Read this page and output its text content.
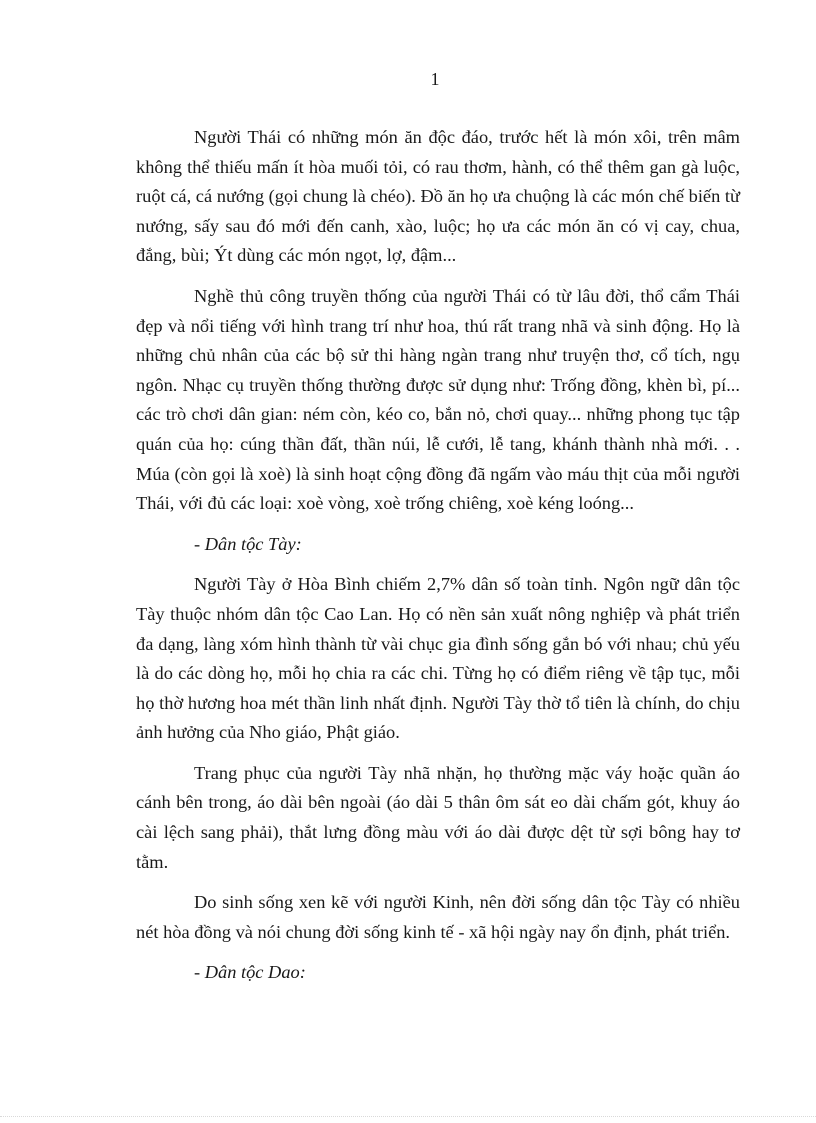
1

Người Thái có những món ăn độc đáo, trước hết là món xôi, trên mâm không thể thiếu mấn ít hòa muối tỏi, có rau thơm, hành, có thể thêm gan gà luộc, ruột cá, cá nướng (gọi chung là chéo). Đồ ăn họ ưa chuộng là các món chế biến từ nướng, sấy sau đó mới đến canh, xào, luộc; họ ưa các món ăn có vị cay, chua, đắng, bùi; Ýt dùng các món ngọt, lợ, đậm...

Nghề thủ công truyền thống của người Thái có từ lâu đời, thổ cẩm Thái đẹp và nổi tiếng với hình trang trí như hoa, thú rất trang nhã và sinh động. Họ là những chủ nhân của các bộ sử thi hàng ngàn trang như truyện thơ, cổ tích, ngụ ngôn. Nhạc cụ truyền thống thường được sử dụng như: Trống đồng, khèn bì, pí... các trò chơi dân gian: ném còn, kéo co, bắn nỏ, chơi quay... những phong tục tập quán của họ: cúng thần đất, thần núi, lễ cưới, lễ tang, khánh thành nhà mới. . . Múa (còn gọi là xoè) là sinh hoạt cộng đồng đã ngấm vào máu thịt của mỗi người Thái, với đủ các loại: xoè vòng, xoè trống chiêng, xoè kéng loóng...

- Dân tộc Tày:

Người Tày ở Hòa Bình chiếm 2,7% dân số toàn tỉnh. Ngôn ngữ dân tộc Tày thuộc nhóm dân tộc Cao Lan. Họ có nền sản xuất nông nghiệp và phát triển đa dạng, làng xóm hình thành từ vài chục gia đình sống gắn bó với nhau; chủ yếu là do các dòng họ, mỗi họ chia ra các chi. Từng họ có điểm riêng về tập tục, mỗi họ thờ hương hoa mét thần linh nhất định. Người Tày thờ tổ tiên là chính, do chịu ảnh hưởng của Nho giáo, Phật giáo.

Trang phục của người Tày nhã nhặn, họ thường mặc váy hoặc quần áo cánh bên trong, áo dài bên ngoài (áo dài 5 thân ôm sát eo dài chấm gót, khuy áo cài lệch sang phải), thắt lưng đồng màu với áo dài được dệt từ sợi bông hay tơ tằm.

Do sinh sống xen kẽ với người Kinh, nên đời sống dân tộc Tày có nhiều nét hòa đồng và nói chung đời sống kinh tế - xã hội ngày nay ổn định, phát triển.

- Dân tộc Dao:
